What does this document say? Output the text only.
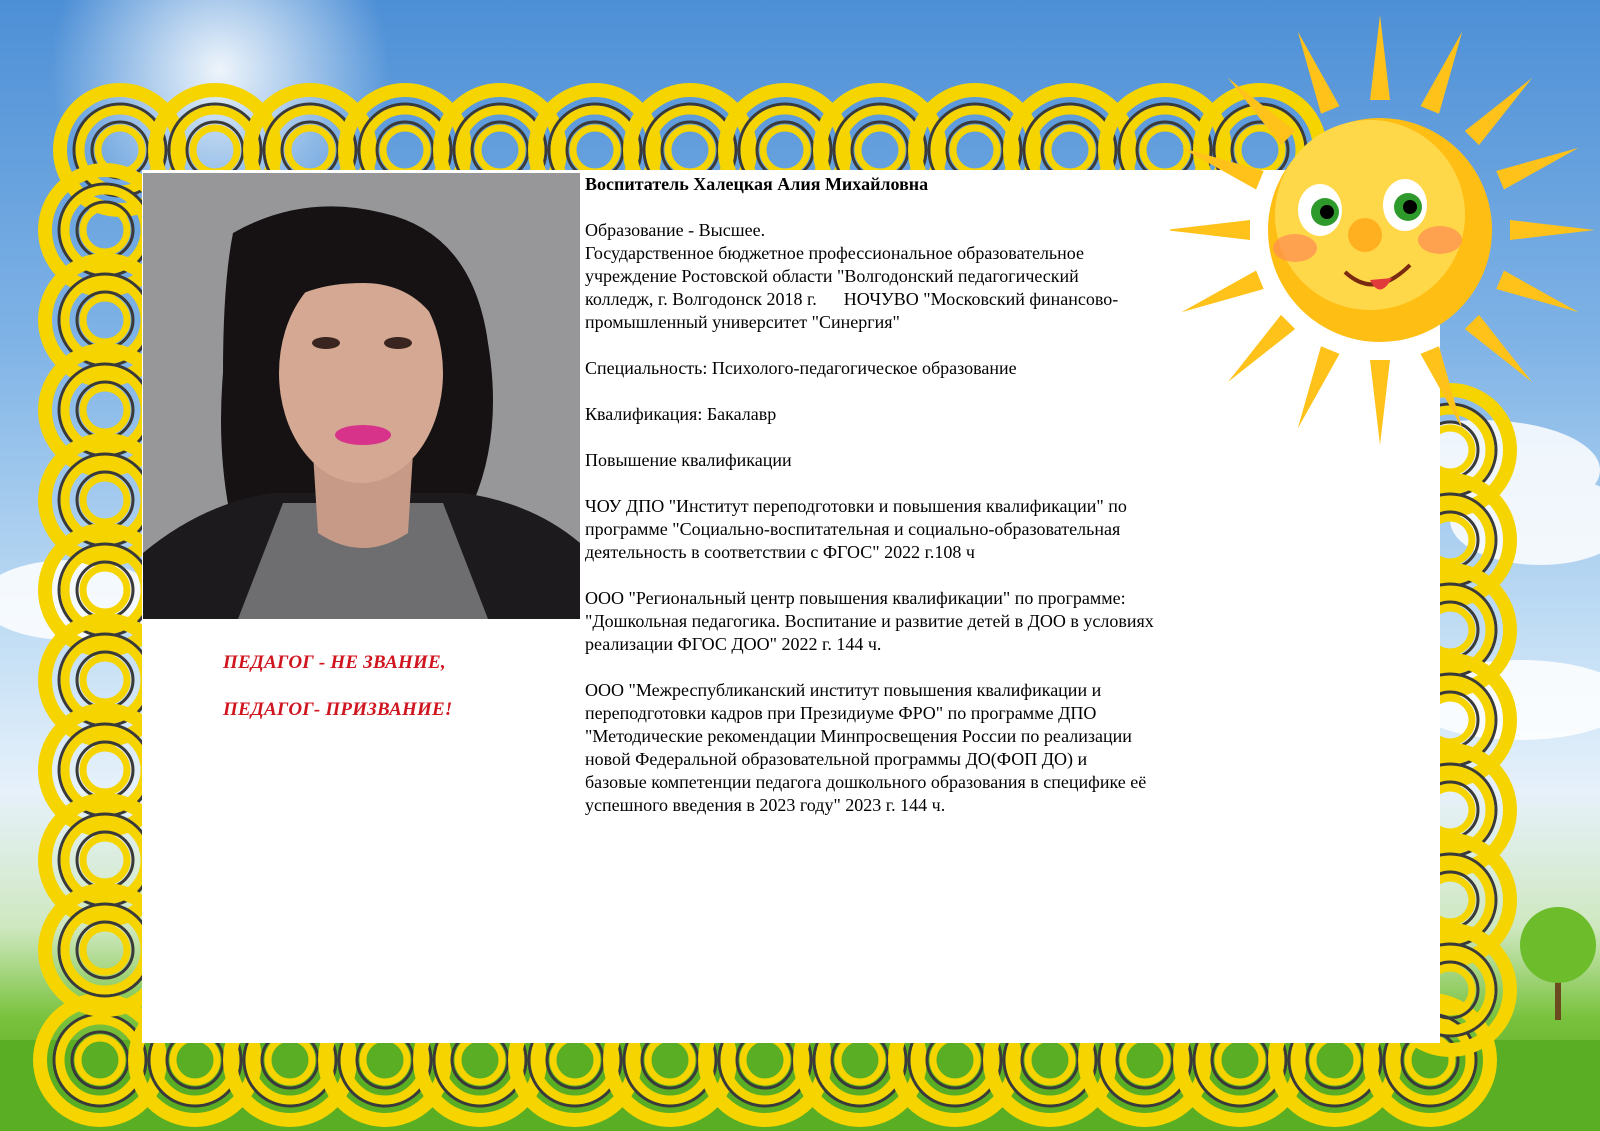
Воспитатель Халецкая Алия Михайловна

Образование - Высшее.

Государственное бюджетное профессиональное образовательное

учреждение Ростовской области "Волгодонский педагогический

колледж, г. Волгодонск 2018 г.      НОЧУВО "Московский финансово-

промышленный университет "Синергия"

Специальность: Психолого-педагогическое образование

Квалификация: Бакалавр

Повышение квалификации

ЧОУ ДПО "Институт переподготовки и повышения квалификации" по

программе "Социально-воспитательная и социально-образовательная

деятельность в соответствии с ФГОС" 2022 г.108 ч

ООО "Региональный центр повышения квалификации" по программе:

"Дошкольная педагогика. Воспитание и развитие детей в ДОО в условиях

реализации ФГОС ДОО" 2022 г. 144 ч.

ООО "Межреспубликанский институт повышения квалификации и

переподготовки кадров при Президиуме ФРО" по программе ДПО

"Методические рекомендации Минпросвещения России по реализации

новой Федеральной образовательной программы ДО(ФОП ДО) и

базовые компетенции педагога дошкольного образования в специфике её

успешного введения в 2023 году" 2023 г. 144 ч.

ПЕДАГОГ - НЕ ЗВАНИЕ,

ПЕДАГОГ- ПРИЗВАНИЕ!
